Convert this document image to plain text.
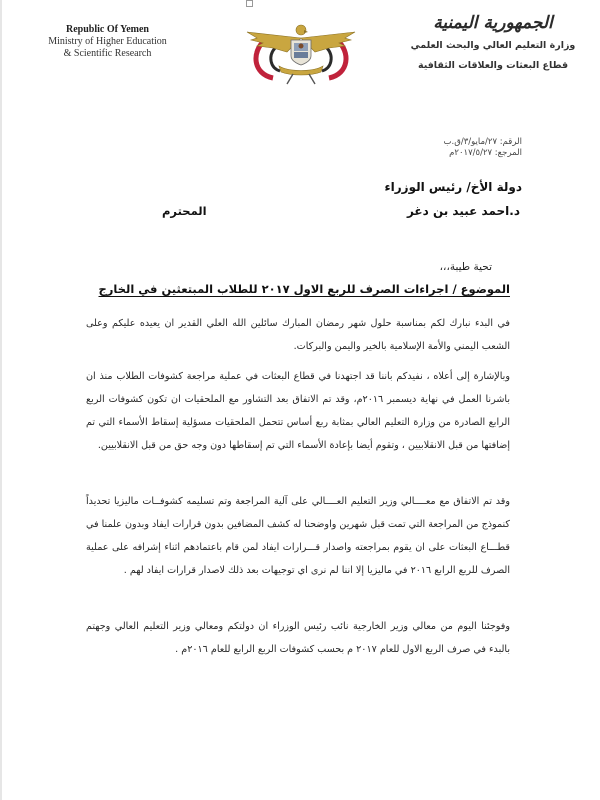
Republic Of Yemen
Ministry of Higher Education
& Scientific Research
الجمهورية اليمنية
وزارة التعليم العالي والبحث العلمي
قطاع البعثات والعلاقات الثقافية
الرقم: ٢٧/مايو/٣/ق.ب
المرجع: ٢٠١٧/٥/٢٧م
دولة الأخ/ رئيس الوزراء
د.احمد عبيد بن دغر
المحترم
تحية طيبة،،،
الموضوع / اجراءات الصرف للربع الاول ٢٠١٧ للطلاب المبتعثين في الخارج
في البدء نبارك لكم بمناسبة حلول شهر رمضان المبارك سائلين الله العلي القدير ان يعيده عليكم وعلى الشعب اليمني والأمة الإسلامية بالخير واليمن والبركات.
وبالإشارة إلى أعلاه ، نفيدكم باننا قد اجتهدنا في قطاع البعثات في عملية مراجعة كشوفات الطلاب منذ ان باشرنا العمل في نهاية ديسمبر ٢٠١٦م، وقد تم الاتفاق بعد التشاور مع الملحقيات ان تكون كشوفات الربع الرابع الصادرة من وزارة التعليم العالي بمثابة ربع أساس تتحمل الملحقيات مسؤلية إسقاط الأسماء التي تم إضافتها من قبل الانقلابيين ، وتقوم أيضا بإعادة الأسماء التي تم إسقاطها دون وجه حق من قبل الانقلابيين.
وقد تم الاتفاق مع معــــالي وزير التعليم العــــالي على آلية المراجعة وتم تسليمه كشوفــات ماليزيا تحديداً كنموذج من المراجعة التي تمت قبل شهرين واوضحنا له كشف المضافين بدون قرارات ايفاد وبدون علمنا في قطـــاع البعثات على ان يقوم بمراجعته واصدار قـــرارات ايفاد لمن قام باعتمادهم اثناء إشرافه على عملية الصرف للربع الرابع ٢٠١٦ في ماليزيا إلا اننا لم نرى اي توجيهات بعد ذلك لاصدار قرارات ايفاد لهم .
وفوجئنا اليوم من معالي وزير الخارجية نائب رئيس الوزراء ان دولتكم ومعالي وزير التعليم العالي وجهتم بالبدء في صرف الربع الاول للعام ٢٠١٧ م بحسب كشوفات الربع الرابع للعام ٢٠١٦م .
